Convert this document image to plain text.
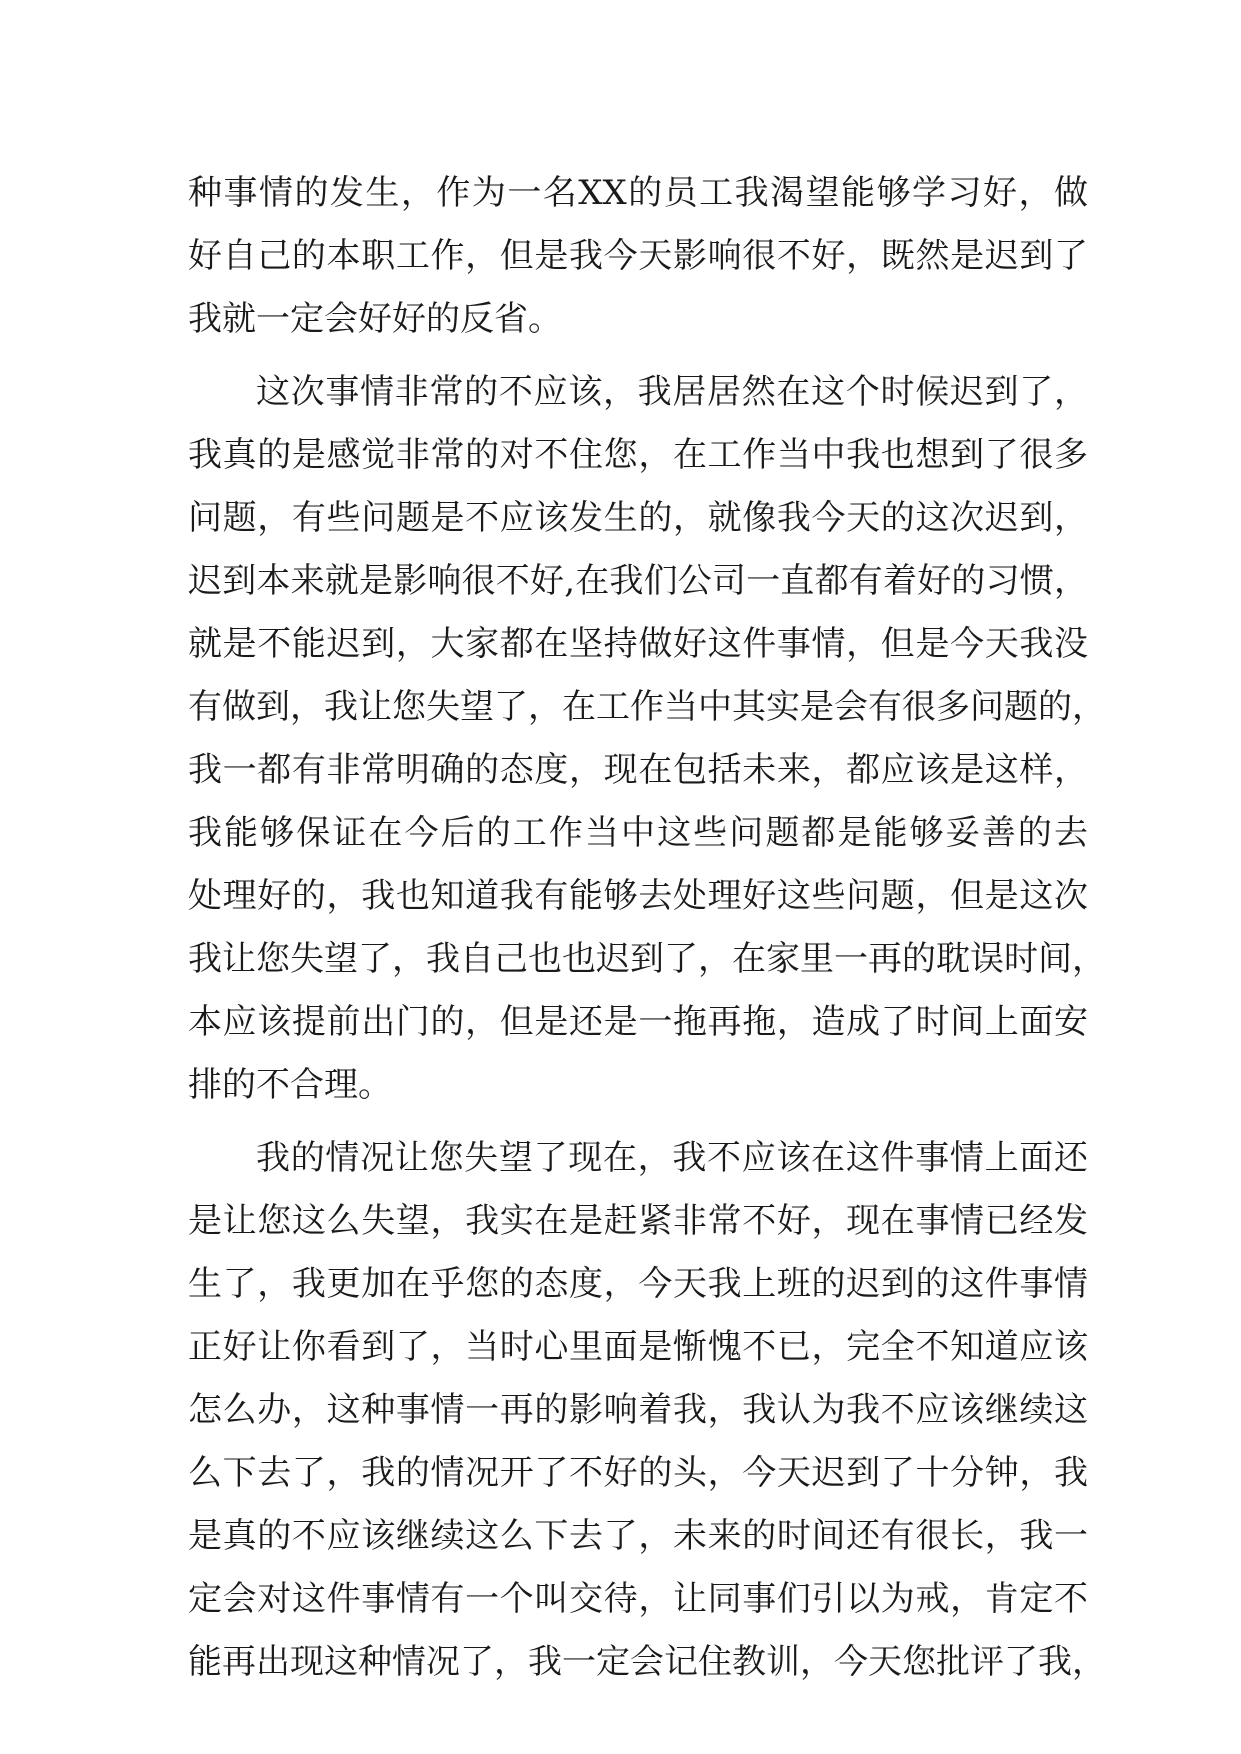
种事情的发生，作为一名XX的员工我渴望能够学习好，做
好自己的本职工作，但是我今天影响很不好，既然是迟到了
我就一定会好好的反省。
这次事情非常的不应该，我居居然在这个时候迟到了，
我真的是感觉非常的对不住您，在工作当中我也想到了很多
问题，有些问题是不应该发生的，就像我今天的这次迟到，
迟到本来就是影响很不好,在我们公司一直都有着好的习惯，
就是不能迟到，大家都在坚持做好这件事情，但是今天我没
有做到，我让您失望了，在工作当中其实是会有很多问题的，
我一都有非常明确的态度，现在包括未来，都应该是这样，
我能够保证在今后的工作当中这些问题都是能够妥善的去
处理好的，我也知道我有能够去处理好这些问题，但是这次
我让您失望了，我自己也也迟到了，在家里一再的耽误时间，
本应该提前出门的，但是还是一拖再拖，造成了时间上面安
排的不合理。
我的情况让您失望了现在，我不应该在这件事情上面还
是让您这么失望，我实在是赶紧非常不好，现在事情已经发
生了，我更加在乎您的态度，今天我上班的迟到的这件事情
正好让你看到了，当时心里面是惭愧不已，完全不知道应该
怎么办，这种事情一再的影响着我，我认为我不应该继续这
么下去了，我的情况开了不好的头，今天迟到了十分钟，我
是真的不应该继续这么下去了，未来的时间还有很长，我一
定会对这件事情有一个叫交待，让同事们引以为戒，肯定不
能再出现这种情况了，我一定会记住教训，今天您批评了我，
